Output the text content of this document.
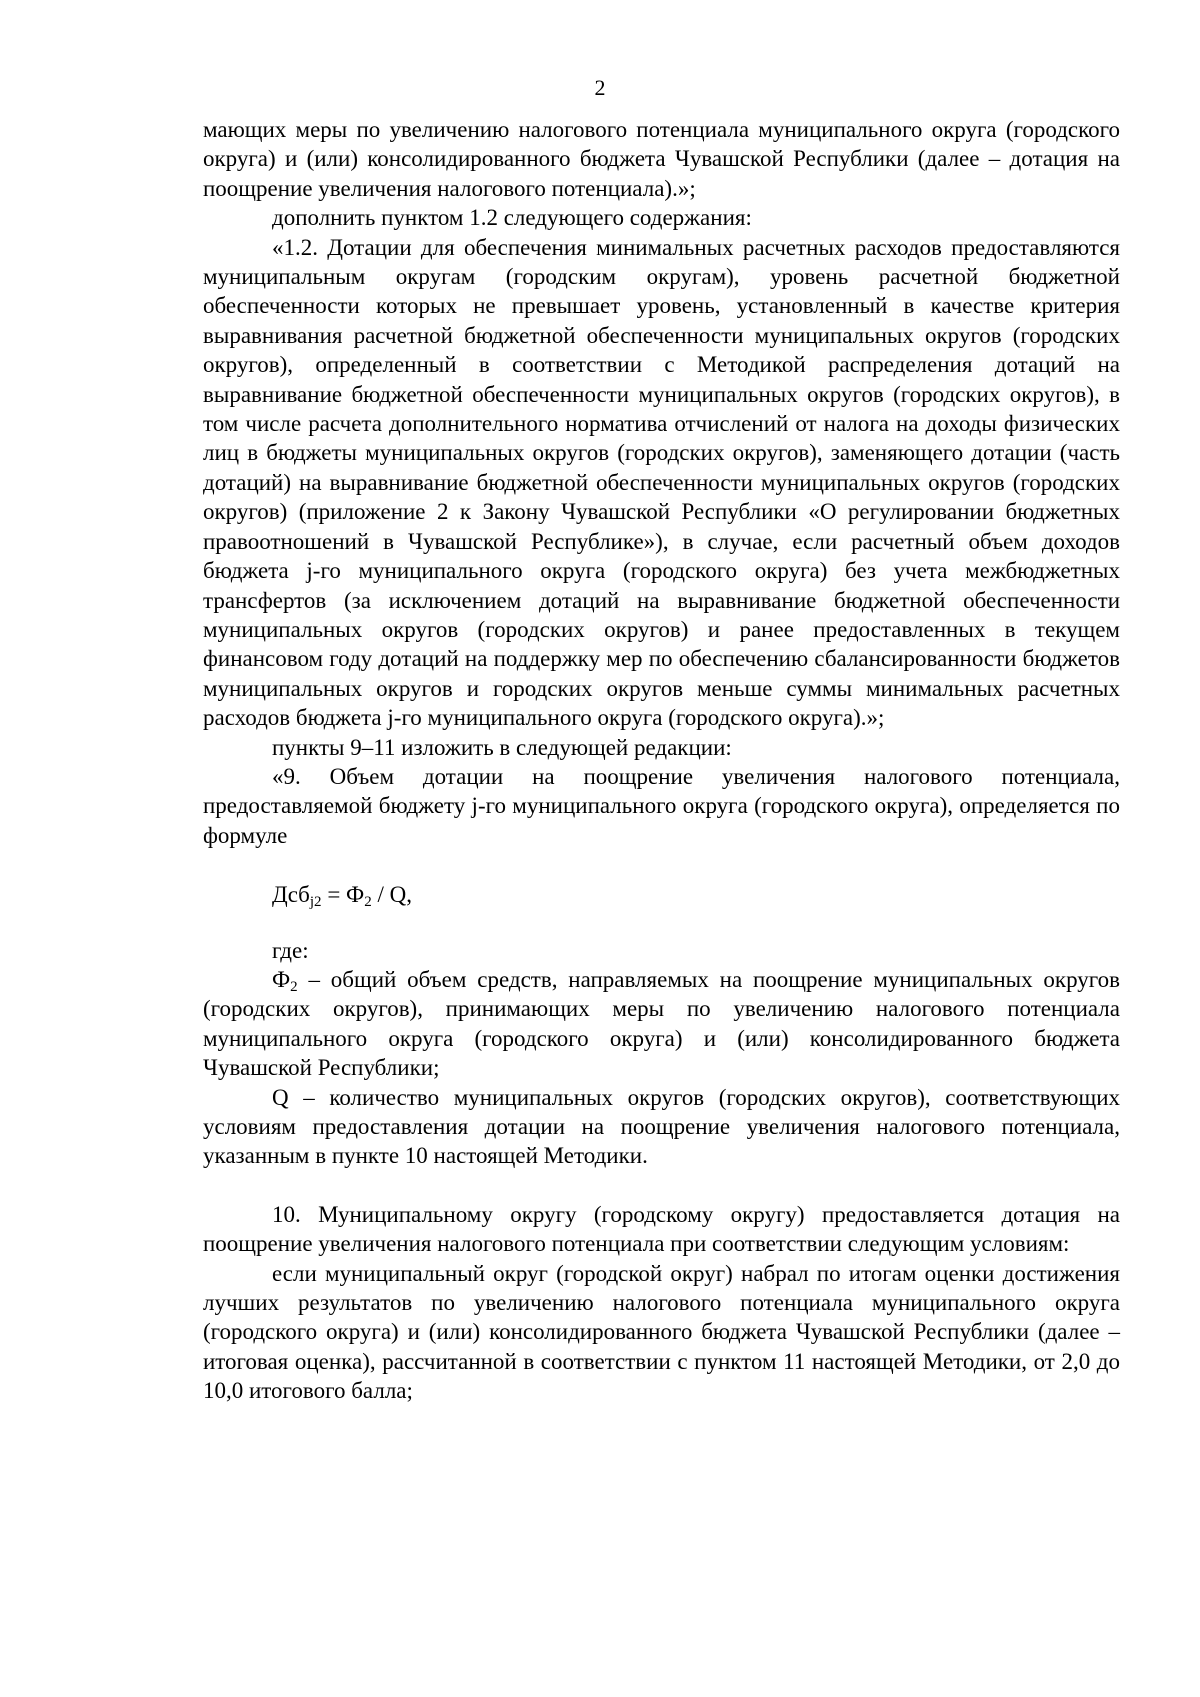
2

мающих меры по увеличению налогового потенциала муниципального округа (городского округа) и (или) консолидированного бюджета Чувашской Республики (далее – дотация на поощрение увеличения налогового потенциала).»;

дополнить пунктом 1.2 следующего содержания:

«1.2. Дотации для обеспечения минимальных расчетных расходов предоставляются муниципальным округам (городским округам), уровень расчетной бюджетной обеспеченности которых не превышает уровень, установленный в качестве критерия выравнивания расчетной бюджетной обеспеченности муниципальных округов (городских округов), определенный в соответствии с Методикой распределения дотаций на выравнивание бюджетной обеспеченности муниципальных округов (городских округов), в том числе расчета дополнительного норматива отчислений от налога на доходы физических лиц в бюджеты муниципальных округов (городских округов), заменяющего дотации (часть дотаций) на выравнивание бюджетной обеспеченности муниципальных округов (городских округов) (приложение 2 к Закону Чувашской Республики «О регулировании бюджетных правоотношений в Чувашской Республике»), в случае, если расчетный объем доходов бюджета j-го муниципального округа (городского округа) без учета межбюджетных трансфертов (за исключением дотаций на выравнивание бюджетной обеспеченности муниципальных округов (городских округов) и ранее предоставленных в текущем финансовом году дотаций на поддержку мер по обеспечению сбалансированности бюджетов муниципальных округов и городских округов меньше суммы минимальных расчетных расходов бюджета j-го муниципального округа (городского округа).»;

пункты 9–11 изложить в следующей редакции:

«9. Объем дотации на поощрение увеличения налогового потенциала, предоставляемой бюджету j-го муниципального округа (городского округа), определяется по формуле

$Дсб_{j2} = Ф_2 / Q$,

где:

$Ф_2$ – общий объем средств, направляемых на поощрение муниципальных округов (городских округов), принимающих меры по увеличению налогового потенциала муниципального округа (городского округа) и (или) консолидированного бюджета Чувашской Республики;

Q – количество муниципальных округов (городских округов), соответствующих условиям предоставления дотации на поощрение увеличения налогового потенциала, указанным в пункте 10 настоящей Методики.

10. Муниципальному округу (городскому округу) предоставляется дотация на поощрение увеличения налогового потенциала при соответствии следующим условиям:

если муниципальный округ (городской округ) набрал по итогам оценки достижения лучших результатов по увеличению налогового потенциала муниципального округа (городского округа) и (или) консолидированного бюджета Чувашской Республики (далее – итоговая оценка), рассчитанной в соответствии с пунктом 11 настоящей Методики, от 2,0 до 10,0 итогового балла;
